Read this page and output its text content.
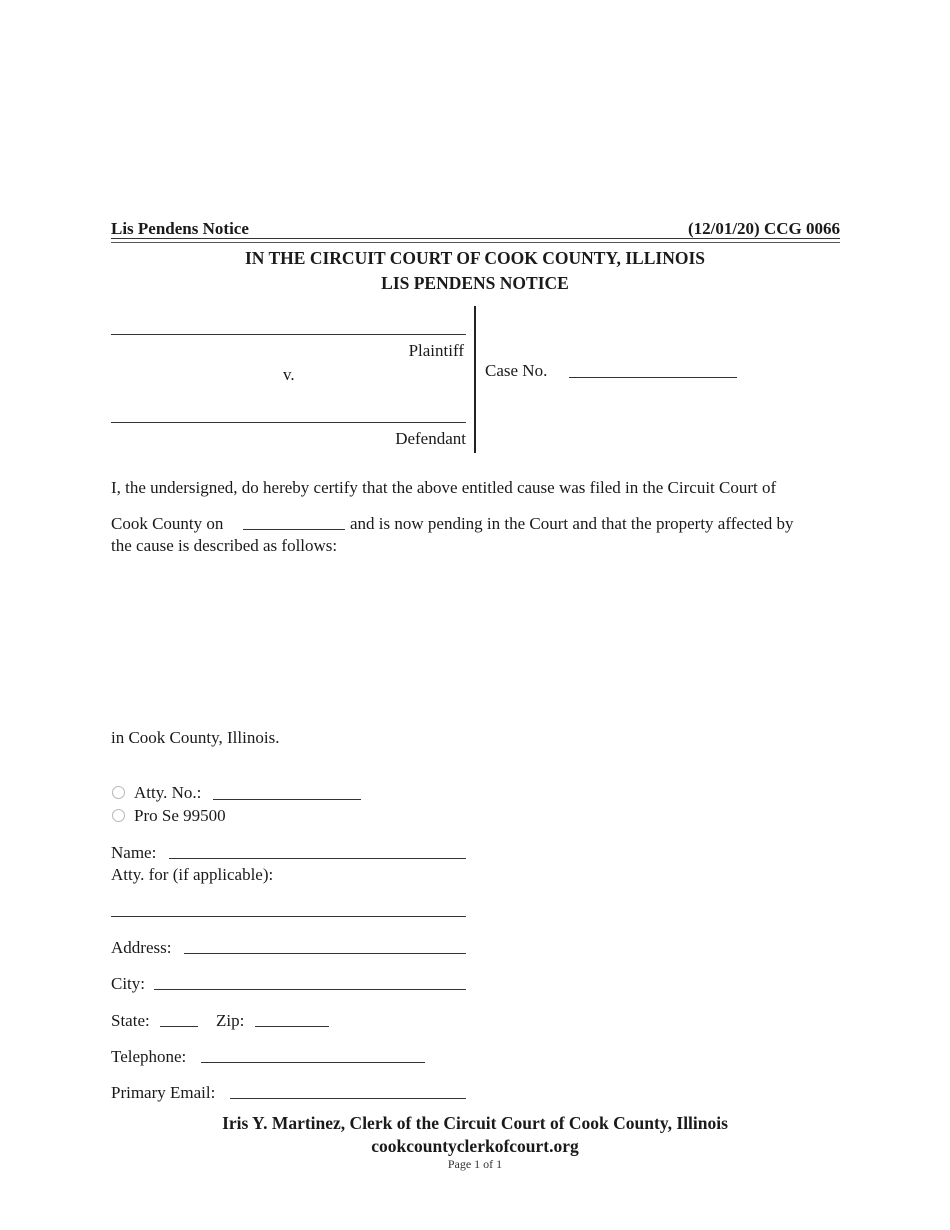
Lis Pendens Notice	(12/01/20) CCG 0066
IN THE CIRCUIT COURT OF COOK COUNTY, ILLINOIS
LIS PENDENS NOTICE
Plaintiff
v.
Defendant
Case No.
I, the undersigned, do hereby certify that the above entitled cause was filed in the Circuit Court of
Cook County on	and is now pending in the Court and that the property affected by
the cause is described as follows:
in Cook County, Illinois.
Atty. No.:
Pro Se 99500
Name:
Atty. for (if applicable):
Address:
City:
State:	Zip:
Telephone:
Primary Email:
Iris Y. Martinez, Clerk of the Circuit Court of Cook County, Illinois
cookcountyclerkofcourt.org
Page 1 of 1
